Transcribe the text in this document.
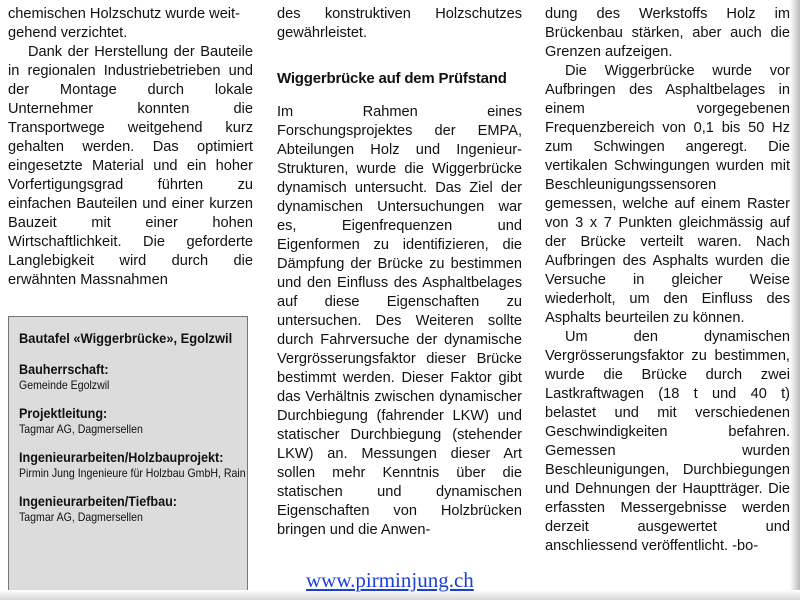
chemischen Holzschutz wurde weit-

gehend verzichtet.

Dank der Herstellung der Bauteile in regionalen Industriebetrieben und der Montage durch lokale Unternehmer konnten die Transportwege weitgehend kurz gehalten werden. Das optimiert eingesetzte Material und ein hoher Vorfertigungsgrad führten zu einfachen Bauteilen und einer kurzen Bauzeit mit einer hohen Wirtschaftlichkeit. Die geforderte Langlebigkeit wird durch die erwähnten Massnahmen

Bautafel «Wiggerbrücke», Egolzwil

Bauherrschaft:

Gemeinde Egolzwil

Projektleitung:

Tagmar AG, Dagmersellen

Ingenieurarbeiten/Holzbauprojekt:

Pirmin Jung Ingenieure für Holzbau GmbH, Rain

Ingenieurarbeiten/Tiefbau:

Tagmar AG, Dagmersellen

des konstruktiven Holzschutzes gewährleistet.

Wiggerbrücke auf dem Prüfstand

Im Rahmen eines Forschungsprojektes der EMPA, Abteilungen Holz und Ingenieur-Strukturen, wurde die Wiggerbrücke dynamisch untersucht. Das Ziel der dynamischen Untersuchungen war es, Eigenfrequenzen und Eigenformen zu identifizieren, die Dämpfung der Brücke zu bestimmen und den Einfluss des Asphaltbelages auf diese Eigenschaften zu untersuchen. Des Weiteren sollte durch Fahrversuche der dynamische Vergrösserungsfaktor dieser Brücke bestimmt werden. Dieser Faktor gibt das Verhältnis zwischen dynamischer Durchbiegung (fahrender LKW) und statischer Durchbiegung (stehender LKW) an. Messungen dieser Art sollen mehr Kenntnis über die statischen und dynamischen Eigenschaften von Holzbrücken bringen und die Anwen-

dung des Werkstoffs Holz im Brückenbau stärken, aber auch die Grenzen aufzeigen.

Die Wiggerbrücke wurde vor Aufbringen des Asphaltbelages in einem vorgegebenen Frequenzbereich von 0,1 bis 50 Hz zum Schwingen angeregt. Die vertikalen Schwingungen wurden mit Beschleunigungssensoren gemessen, welche auf einem Raster von 3 x 7 Punkten gleichmässig auf der Brücke verteilt waren. Nach Aufbringen des Asphalts wurden die Versuche in gleicher Weise wiederholt, um den Einfluss des Asphalts beurteilen zu können.

Um den dynamischen Vergrösserungsfaktor zu bestimmen, wurde die Brücke durch zwei Lastkraftwagen (18 t und 40 t) belastet und mit verschiedenen Geschwindigkeiten befahren. Gemessen wurden Beschleunigungen, Durchbiegungen und Dehnungen der Hauptträger. Die erfassten Messergebnisse werden derzeit ausgewertet und anschliessend veröffentlicht. -bo-

www.pirminjung.ch
